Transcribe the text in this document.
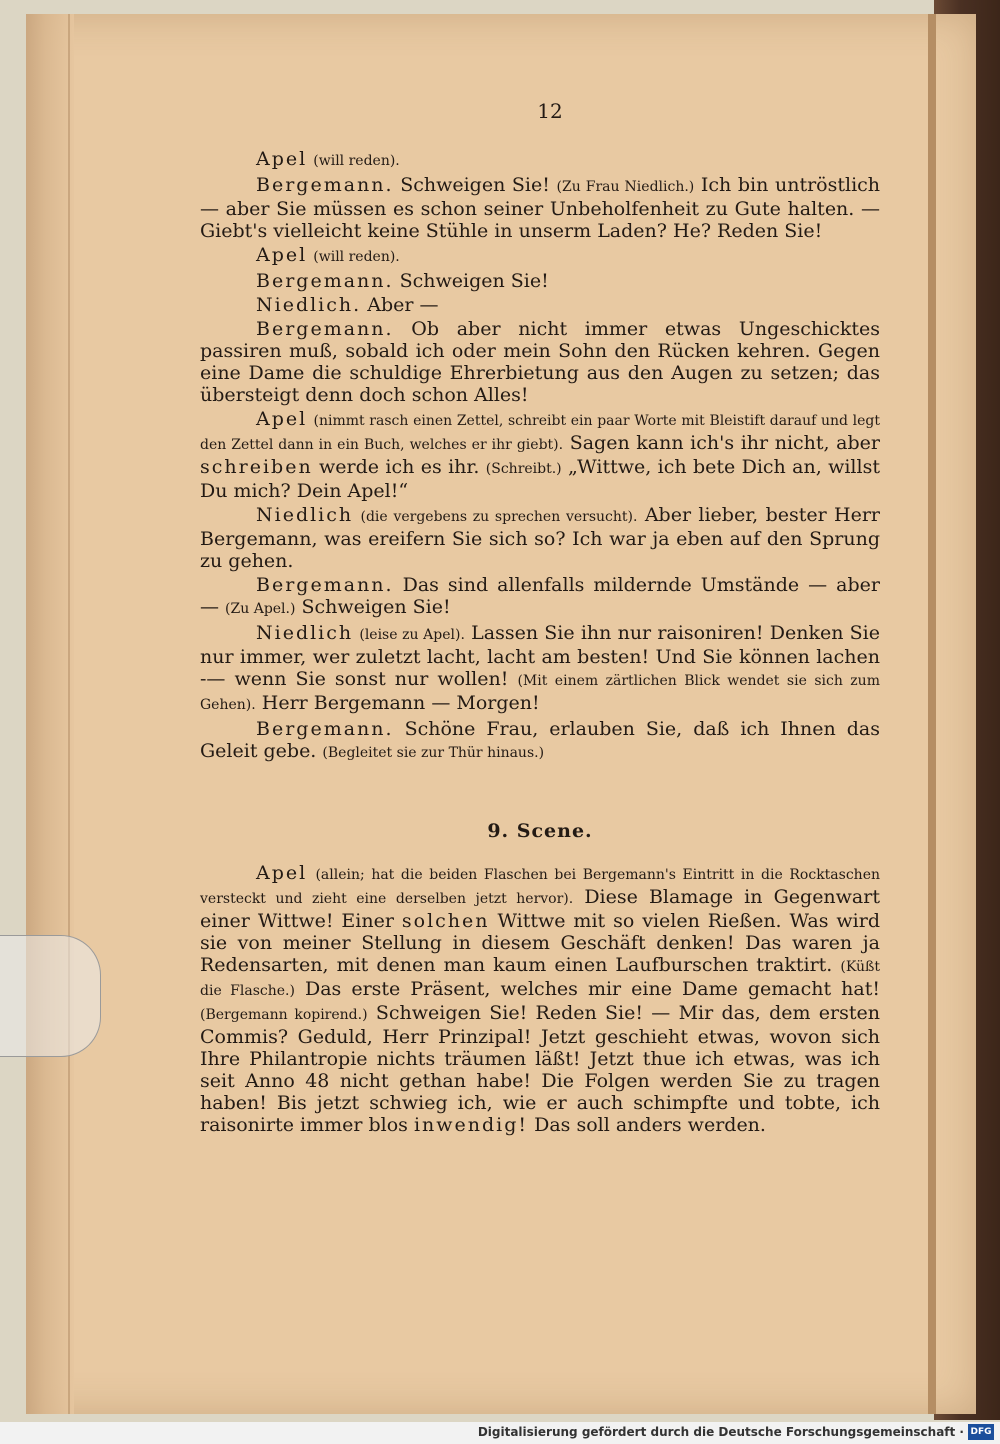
12

Apel (will reden).

Bergemann. Schweigen Sie! (Zu Frau Niedlich.) Ich bin untröstlich — aber Sie müssen es schon seiner Unbeholfenheit zu Gute halten. — Giebt's vielleicht keine Stühle in unserm Laden? He? Reden Sie!

Apel (will reden).

Bergemann. Schweigen Sie!

Niedlich. Aber —

Bergemann. Ob aber nicht immer etwas Ungeschicktes passiren muß, sobald ich oder mein Sohn den Rücken kehren. Gegen eine Dame die schuldige Ehrerbietung aus den Augen zu setzen; das übersteigt denn doch schon Alles!

Apel (nimmt rasch einen Zettel, schreibt ein paar Worte mit Bleistift darauf und legt den Zettel dann in ein Buch, welches er ihr giebt). Sagen kann ich's ihr nicht, aber schreiben werde ich es ihr. (Schreibt.) „Wittwe, ich bete Dich an, willst Du mich? Dein Apel!“

Niedlich (die vergebens zu sprechen versucht). Aber lieber, bester Herr Bergemann, was ereifern Sie sich so? Ich war ja eben auf den Sprung zu gehen.

Bergemann. Das sind allenfalls mildernde Umstände — aber — (Zu Apel.) Schweigen Sie!

Niedlich (leise zu Apel). Lassen Sie ihn nur raisoniren! Denken Sie nur immer, wer zuletzt lacht, lacht am besten! Und Sie können lachen -— wenn Sie sonst nur wollen! (Mit einem zärtlichen Blick wendet sie sich zum Gehen). Herr Bergemann — Morgen!

Bergemann. Schöne Frau, erlauben Sie, daß ich Ihnen das Geleit gebe. (Begleitet sie zur Thür hinaus.)

9. Scene.

Apel (allein; hat die beiden Flaschen bei Bergemann's Eintritt in die Rocktaschen versteckt und zieht eine derselben jetzt hervor). Diese Blamage in Gegenwart einer Wittwe! Einer solchen Wittwe mit so vielen Rießen. Was wird sie von meiner Stellung in diesem Geschäft denken! Das waren ja Redensarten, mit denen man kaum einen Laufburschen traktirt. (Küßt die Flasche.) Das erste Präsent, welches mir eine Dame gemacht hat! (Bergemann kopirend.) Schweigen Sie! Reden Sie! — Mir das, dem ersten Commis? Geduld, Herr Prinzipal! Jetzt geschieht etwas, wovon sich Ihre Philantropie nichts träumen läßt! Jetzt thue ich etwas, was ich seit Anno 48 nicht gethan habe! Die Folgen werden Sie zu tragen haben! Bis jetzt schwieg ich, wie er auch schimpfte und tobte, ich raisonirte immer blos inwendig! Das soll anders werden.

Digitalisierung gefördert durch die Deutsche Forschungsgemeinschaft · DFG
